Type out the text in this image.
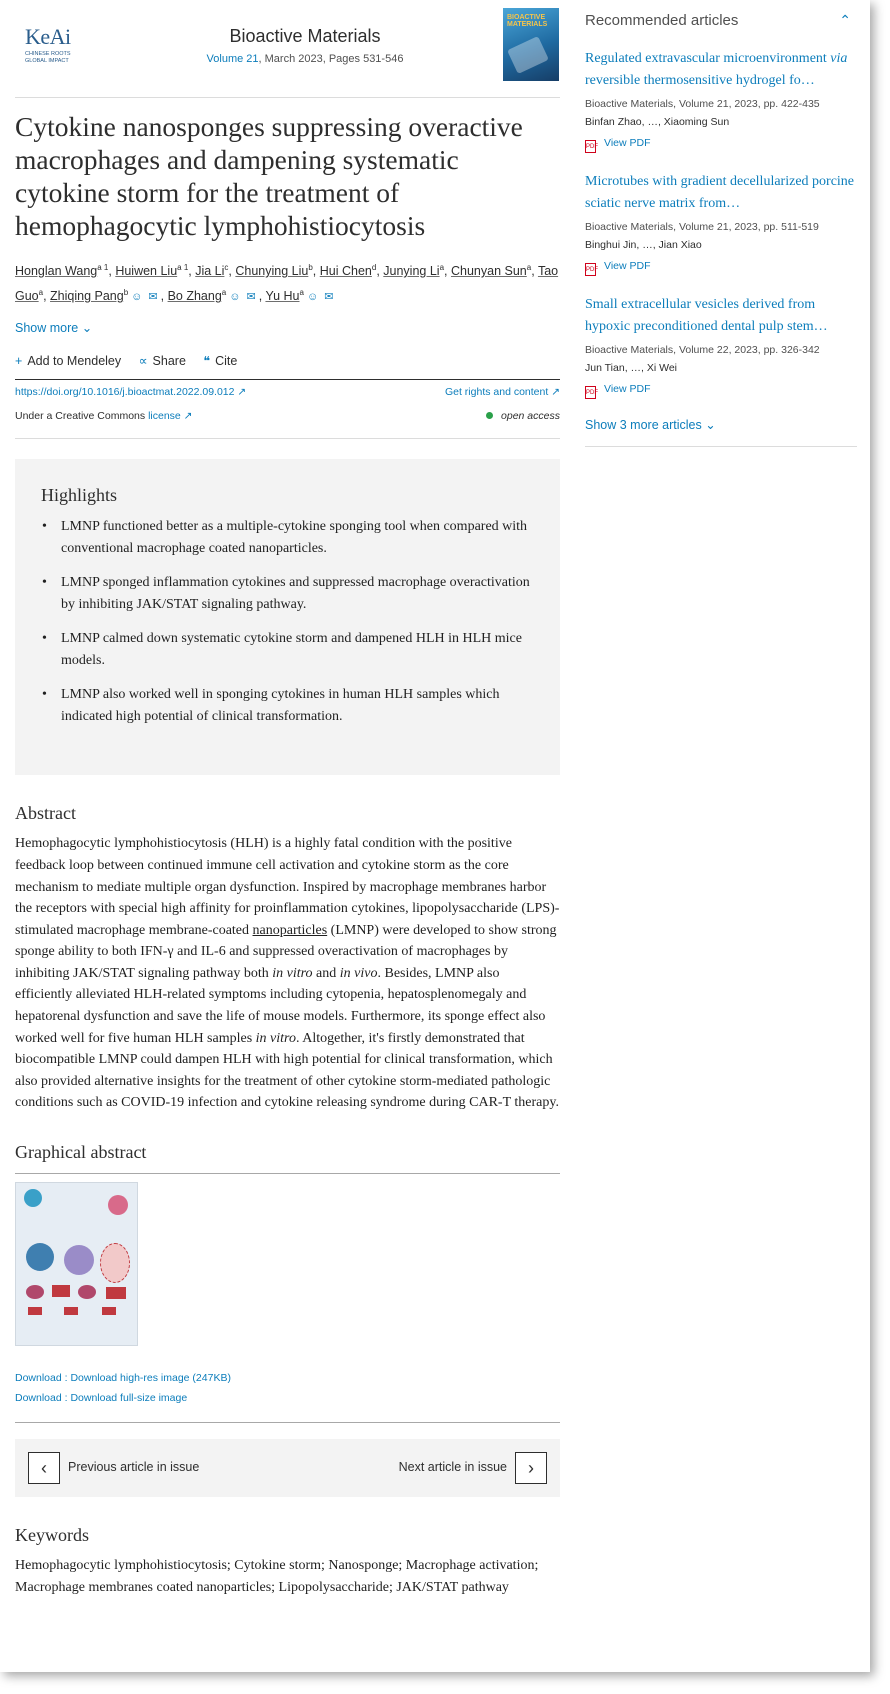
KeAi
CHINESE ROOTS
GLOBAL IMPACT
Bioactive Materials
Volume 21, March 2023, Pages 531-546
BIOACTIVE
MATERIALS
Cytokine nanosponges suppressing overactive macrophages and dampening systematic cytokine storm for the treatment of hemophagocytic lymphohistiocytosis
Honglan Wang$^{a 1}$, Huiwen Liu$^{a 1}$, Jia Li$^c$, Chunying Liu$^b$, Hui Chen$^d$, Junying Li$^a$, Chunyan Sun$^a$, Tao Guo$^a$, Zhiqing Pang$^b$ ☺ ✉ , Bo Zhang$^a$ ☺ ✉ , Yu Hu$^a$ ☺ ✉
Show more ⌄
+ Add to Mendeley ∝ Share ❝ Cite
https://doi.org/10.1016/j.bioactmat.2022.09.012 ↗	Get rights and content ↗
Under a Creative Commons license ↗	open access
Highlights
• LMNP functioned better as a multiple-cytokine sponging tool when compared with conventional macrophage coated nanoparticles.
• LMNP sponged inflammation cytokines and suppressed macrophage overactivation by inhibiting JAK/STAT signaling pathway.
• LMNP calmed down systematic cytokine storm and dampened HLH in HLH mice models.
• LMNP also worked well in sponging cytokines in human HLH samples which indicated high potential of clinical transformation.
Abstract
Hemophagocytic lymphohistiocytosis (HLH) is a highly fatal condition with the positive feedback loop between continued immune cell activation and cytokine storm as the core mechanism to mediate multiple organ dysfunction. Inspired by macrophage membranes harbor the receptors with special high affinity for proinflammation cytokines, lipopolysaccharide (LPS)-stimulated macrophage membrane-coated nanoparticles (LMNP) were developed to show strong sponge ability to both IFN-γ and IL-6 and suppressed overactivation of macrophages by inhibiting JAK/STAT signaling pathway both in vitro and in vivo. Besides, LMNP also efficiently alleviated HLH-related symptoms including cytopenia, hepatosplenomegaly and hepatorenal dysfunction and save the life of mouse models. Furthermore, its sponge effect also worked well for five human HLH samples in vitro. Altogether, it's firstly demonstrated that biocompatible LMNP could dampen HLH with high potential for clinical transformation, which also provided alternative insights for the treatment of other cytokine storm-mediated pathologic conditions such as COVID-19 infection and cytokine releasing syndrome during CAR-T therapy.
Graphical abstract
Download : Download high-res image (247KB)
Download : Download full-size image
‹	Previous article in issue	Next article in issue	›
Keywords
Hemophagocytic lymphohistiocytosis; Cytokine storm; Nanosponge; Macrophage activation; Macrophage membranes coated nanoparticles; Lipopolysaccharide; JAK/STAT pathway
Recommended articles	⌃
Regulated extravascular microenvironment via reversible thermosensitive hydrogel fo…
Bioactive Materials, Volume 21, 2023, pp. 422-435
Binfan Zhao, …, Xiaoming Sun
PDF View PDF
Microtubes with gradient decellularized porcine sciatic nerve matrix from…
Bioactive Materials, Volume 21, 2023, pp. 511-519
Binghui Jin, …, Jian Xiao
PDF View PDF
Small extracellular vesicles derived from hypoxic preconditioned dental pulp stem…
Bioactive Materials, Volume 22, 2023, pp. 326-342
Jun Tian, …, Xi Wei
PDF View PDF
Show 3 more articles ⌄
